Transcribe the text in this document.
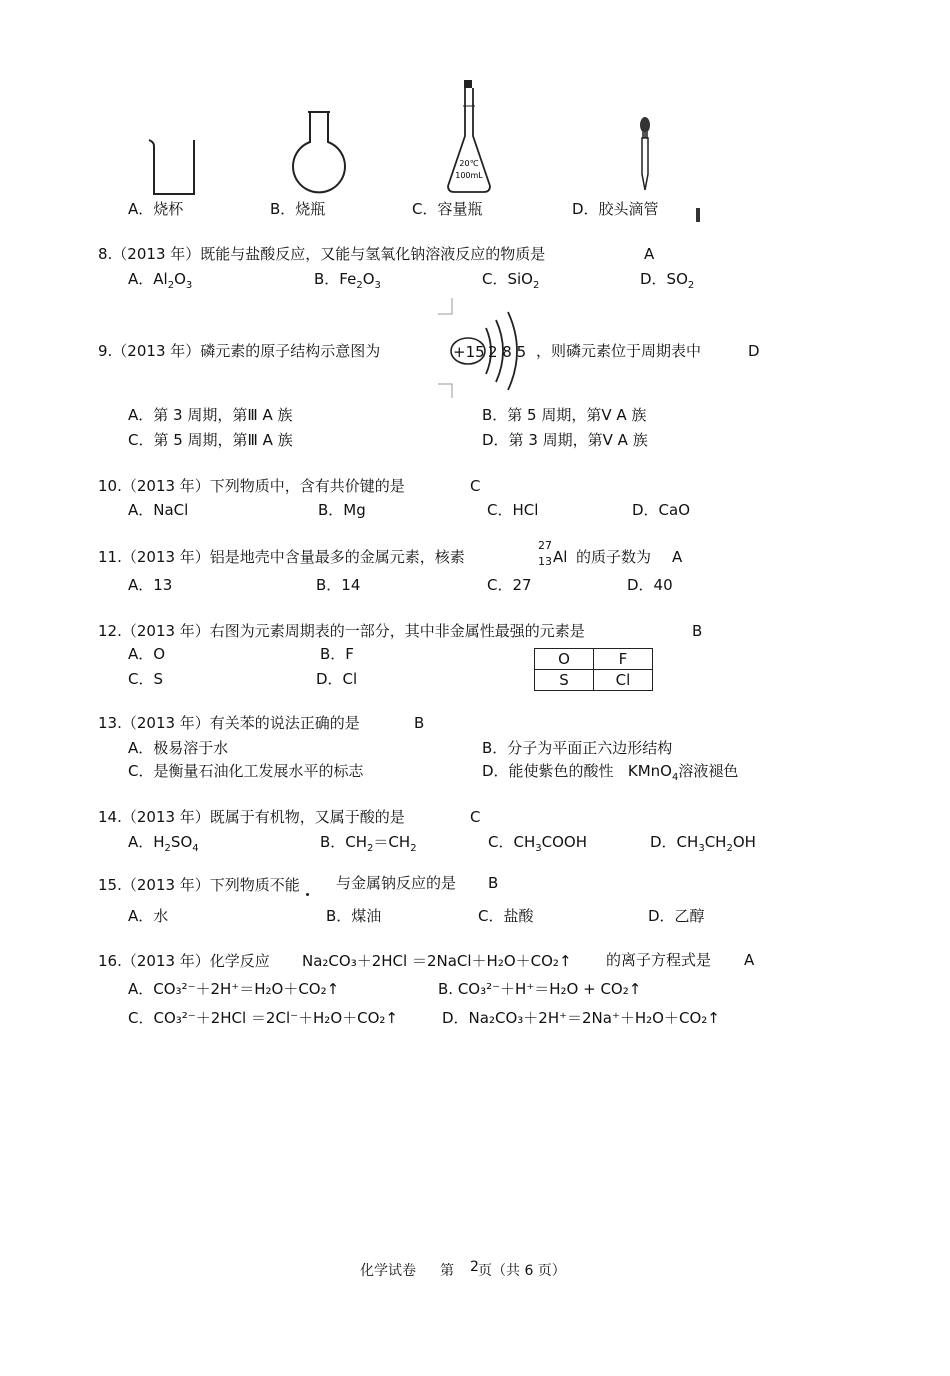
20℃
100mL
A．烧杯	B．烧瓶	C．容量瓶	D．胶头滴管
8.（2013 年）既能与盐酸反应，又能与氢氧化钠溶液反应的物质是	A
A．$Al_2O_3$	B．$Fe_2O_3$	C．SiO$_2$	D．$SO_2$
9.（2013 年）磷元素的原子结构示意图为	+15 2 8 5 ，则磷元素位于周期表中	D
A．第 3 周期，第Ⅲ A 族	B．第 5 周期，第Ⅴ A 族
C．第 5 周期，第Ⅲ A 族	D．第 3 周期，第Ⅴ A 族
10.（2013 年）下列物质中，含有共价键的是	C
A．NaCl	B．Mg	C．HCl	D．CaO
11.（2013 年）铝是地壳中含量最多的金属元素，核素
27
13 Al 的质子数为 A
A．13	B．14	C．27	D．40
12.（2013 年）右图为元素周期表的一部分，其中非金属性最强的元素是	B
A．O	B．F
C．S	D．Cl
O	F
S	Cl
13.（2013 年）有关苯的说法正确的是	B
A．极易溶于水	B．分子为平面正六边形结构
C．是衡量石油化工发展水平的标志	D．能使紫色的酸性 KMnO$_4$溶液褪色
14.（2013 年）既属于有机物，又属于酸的是	C
A．$H_2SO_4$	B．$CH_2=CH_2$	C．$CH_3COOH$	D．$CH_3CH_2OH$
15.（2013 年）下列物质不能 与金属钠反应的是 B
A．水	B．煤油	C．盐酸	D．乙醇
16.（2013 年）化学反应 Na₂CO₃＋2HCl ＝2NaCl＋H₂O＋CO₂↑ 的离子方程式是 A
A．CO₃²⁻＋2H⁺＝H₂O＋CO₂↑	B. CO₃²⁻＋H⁺＝H₂O + CO₂↑
C．CO₃²⁻＋2HCl ＝2Cl⁻＋H₂O＋CO₂↑	D．Na₂CO₃＋2H⁺＝2Na⁺＋H₂O＋CO₂↑
化学试卷 第 2 页（共 6 页）
